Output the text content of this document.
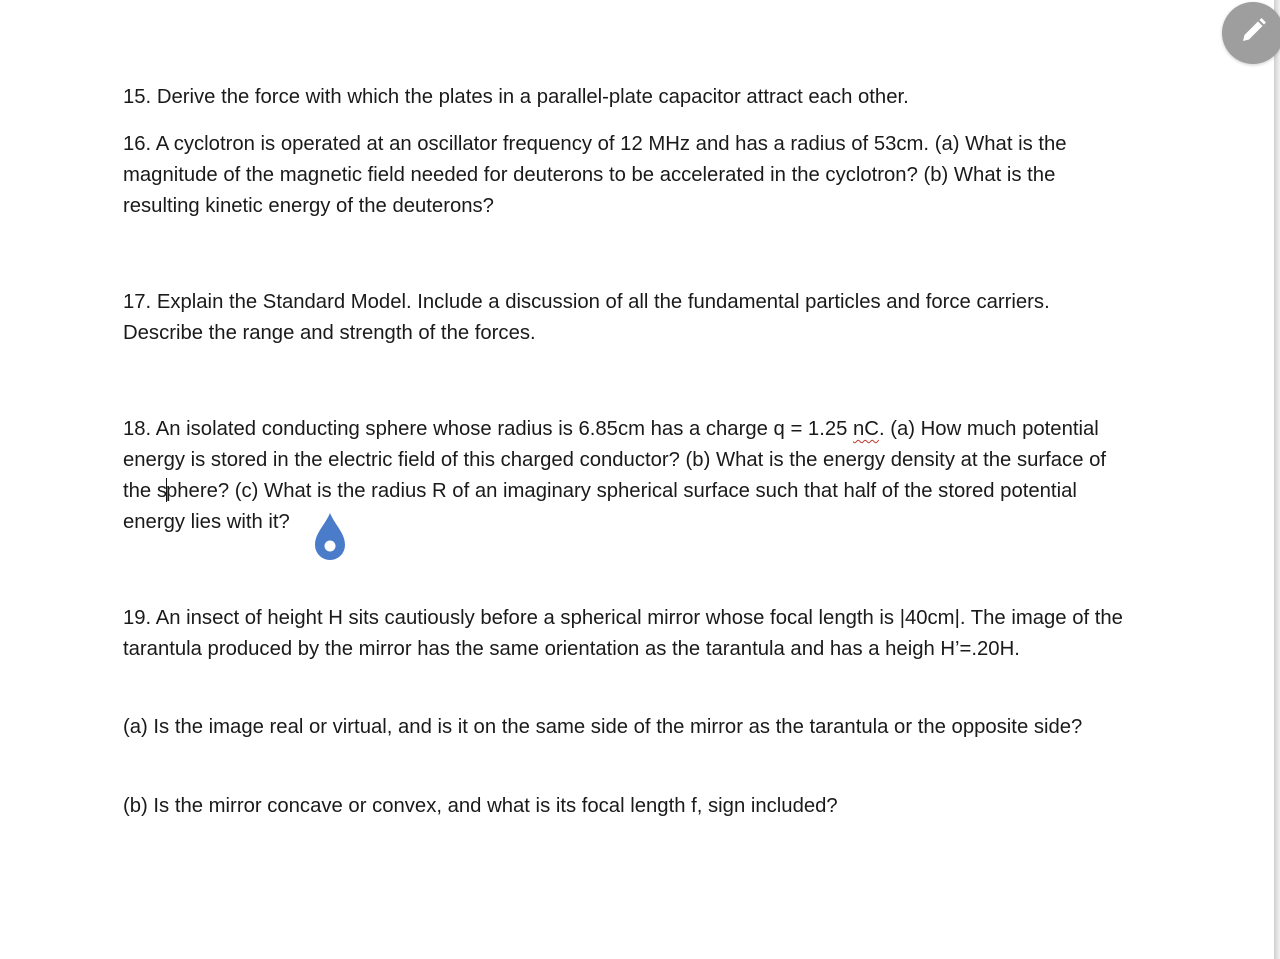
15. Derive the force with which the plates in a parallel-plate capacitor attract each other.

16. A cyclotron is operated at an oscillator frequency of 12 MHz and has a radius of 53cm. (a) What is the magnitude of the magnetic field needed for deuterons to be accelerated in the cyclotron? (b) What is the resulting kinetic energy of the deuterons?

17. Explain the Standard Model. Include a discussion of all the fundamental particles and force carriers. Describe the range and strength of the forces.

18. An isolated conducting sphere whose radius is 6.85cm has a charge q = 1.25 nC. (a) How much potential energy is stored in the electric field of this charged conductor? (b) What is the energy density at the surface of the sphere? (c) What is the radius R of an imaginary spherical surface such that half of the stored potential energy lies with it?

19. An insect of height H sits cautiously before a spherical mirror whose focal length is |40cm|. The image of the tarantula produced by the mirror has the same orientation as the tarantula and has a heigh H’=.20H.

(a) Is the image real or virtual, and is it on the same side of the mirror as the tarantula or the opposite side?

(b) Is the mirror concave or convex, and what is its focal length f, sign included?
